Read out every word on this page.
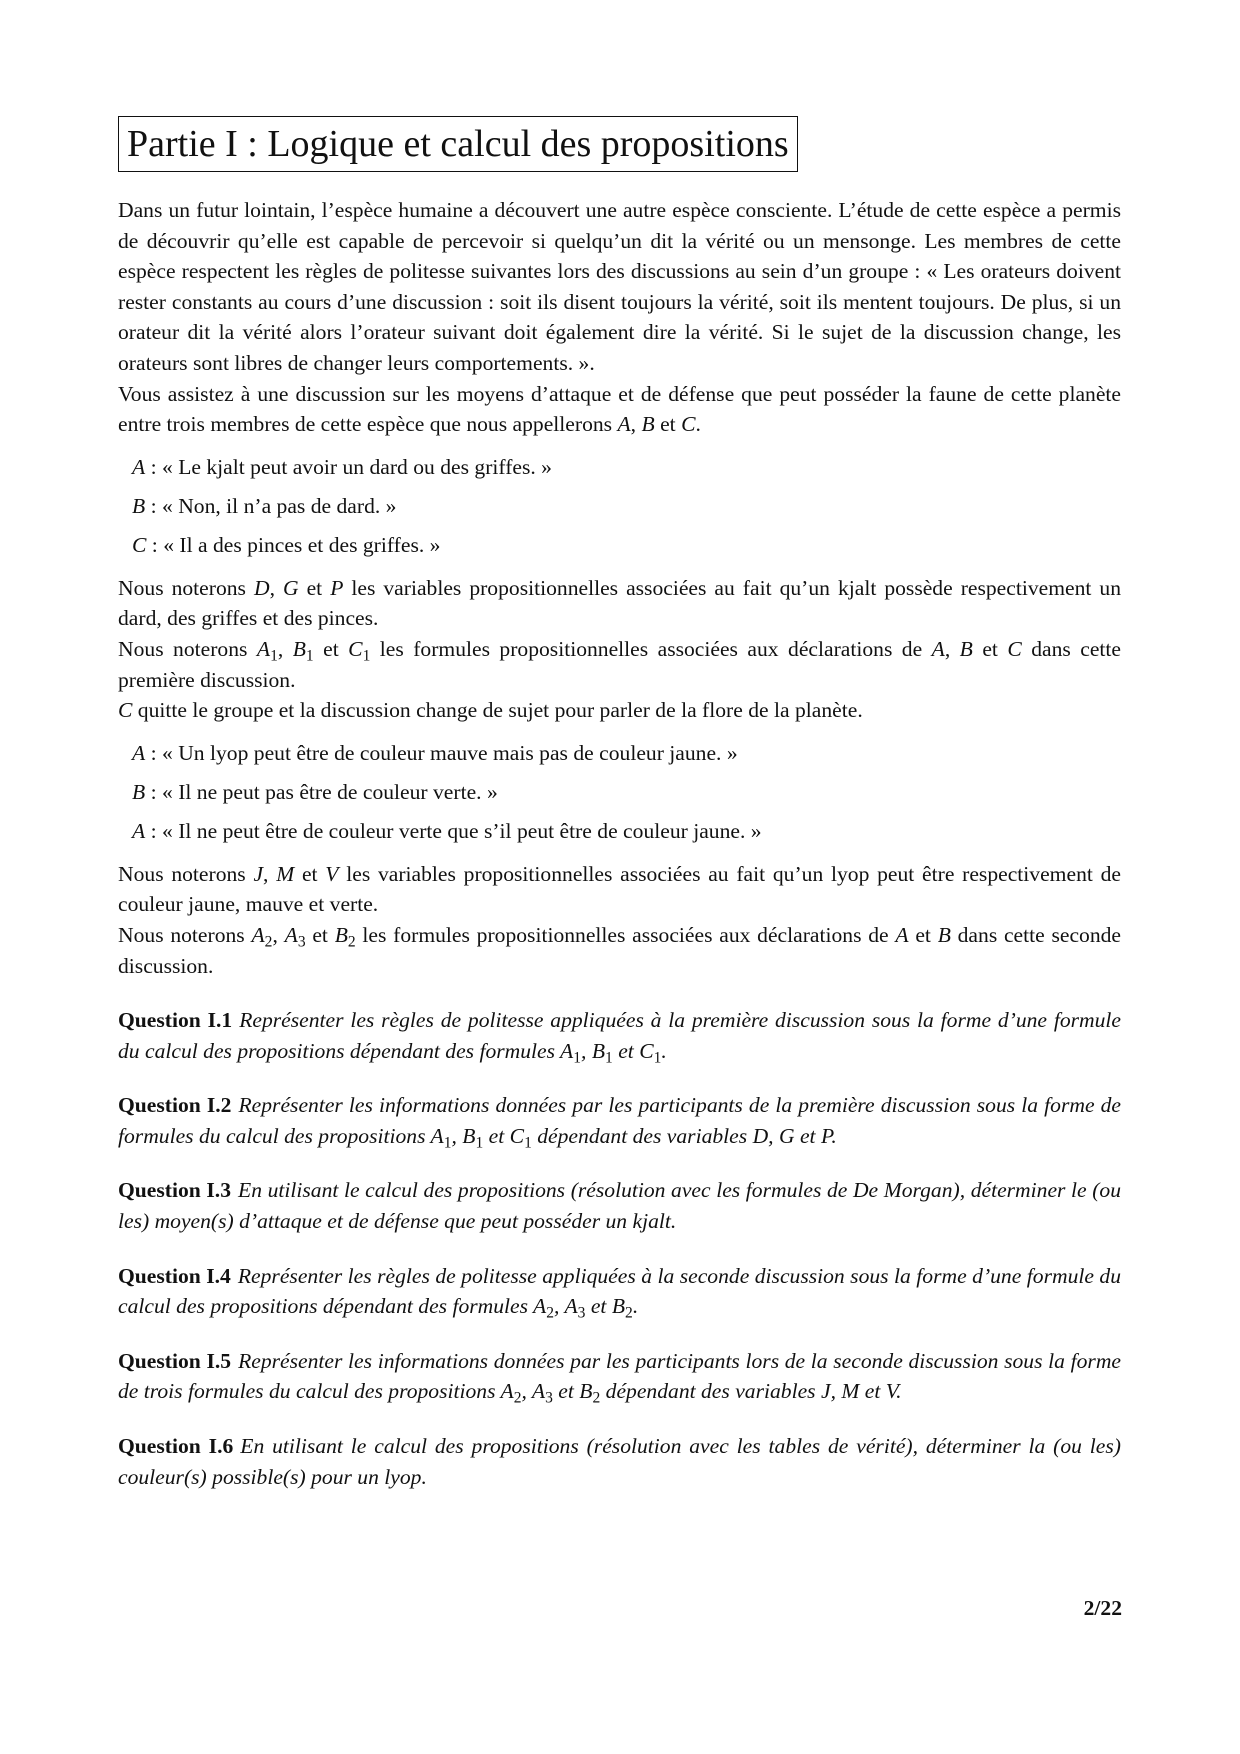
Partie I : Logique et calcul des propositions

Dans un futur lointain, l’espèce humaine a découvert une autre espèce consciente. L’étude de cette espèce a permis de découvrir qu’elle est capable de percevoir si quelqu’un dit la vérité ou un mensonge. Les membres de cette espèce respectent les règles de politesse suivantes lors des discussions au sein d’un groupe : « Les orateurs doivent rester constants au cours d’une discussion : soit ils disent toujours la vérité, soit ils mentent toujours. De plus, si un orateur dit la vérité alors l’orateur suivant doit également dire la vérité. Si le sujet de la discussion change, les orateurs sont libres de changer leurs comportements. ».
Vous assistez à une discussion sur les moyens d’attaque et de défense que peut posséder la faune de cette planète entre trois membres de cette espèce que nous appellerons A, B et C.

A : « Le kjalt peut avoir un dard ou des griffes. »
B : « Non, il n’a pas de dard. »
C : « Il a des pinces et des griffes. »

Nous noterons D, G et P les variables propositionnelles associées au fait qu’un kjalt possède respectivement un dard, des griffes et des pinces.
Nous noterons $A_1$, $B_1$ et $C_1$ les formules propositionnelles associées aux déclarations de A, B et C dans cette première discussion.
C quitte le groupe et la discussion change de sujet pour parler de la flore de la planète.

A : « Un lyop peut être de couleur mauve mais pas de couleur jaune. »
B : « Il ne peut pas être de couleur verte. »
A : « Il ne peut être de couleur verte que s’il peut être de couleur jaune. »

Nous noterons J, M et V les variables propositionnelles associées au fait qu’un lyop peut être respectivement de couleur jaune, mauve et verte.
Nous noterons $A_2$, $A_3$ et $B_2$ les formules propositionnelles associées aux déclarations de A et B dans cette seconde discussion.

Question I.1 Représenter les règles de politesse appliquées à la première discussion sous la forme d’une formule du calcul des propositions dépendant des formules $A_1$, $B_1$ et $C_1$.

Question I.2 Représenter les informations données par les participants de la première discussion sous la forme de formules du calcul des propositions $A_1$, $B_1$ et $C_1$ dépendant des variables D, G et P.

Question I.3 En utilisant le calcul des propositions (résolution avec les formules de De Morgan), déterminer le (ou les) moyen(s) d’attaque et de défense que peut posséder un kjalt.

Question I.4 Représenter les règles de politesse appliquées à la seconde discussion sous la forme d’une formule du calcul des propositions dépendant des formules $A_2$, $A_3$ et $B_2$.

Question I.5 Représenter les informations données par les participants lors de la seconde discussion sous la forme de trois formules du calcul des propositions $A_2$, $A_3$ et $B_2$ dépendant des variables J, M et V.

Question I.6 En utilisant le calcul des propositions (résolution avec les tables de vérité), déterminer la (ou les) couleur(s) possible(s) pour un lyop.

2/22
